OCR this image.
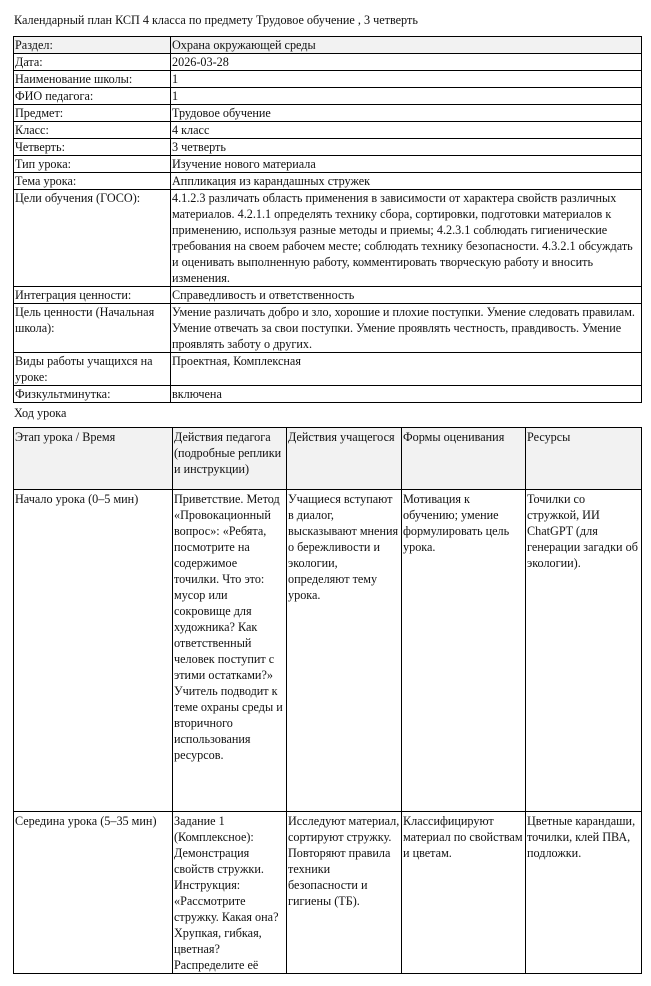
Календарный план КСП 4 класса по предмету Трудовое обучение , 3 четверть
Раздел:	Охрана окружающей среды
Дата:	2026-03-28
Наименование школы:	1
ФИО педагога:	1
Предмет:	Трудовое обучение
Класс:	4 класс
Четверть:	3 четверть
Тип урока:	Изучение нового материала
Тема урока:	Аппликация из карандашных стружек
Цели обучения (ГОСО):	4.1.2.3 различать область применения в зависимости от характера свойств различных материалов. 4.2.1.1 определять технику сбора, сортировки, подготовки материалов к применению, используя разные методы и приемы; 4.2.3.1 соблюдать гигиенические требования на своем рабочем месте; соблюдать технику безопасности. 4.3.2.1 обсуждать и оценивать выполненную работу, комментировать творческую работу и вносить изменения.
Интеграция ценности:	Справедливость и ответственность
Цель ценности (Начальная школа):	Умение различать добро и зло, хорошие и плохие поступки. Умение следовать правилам. Умение отвечать за свои поступки. Умение проявлять честность, правдивость. Умение проявлять заботу о других.
Виды работы учащихся на уроке:	Проектная, Комплексная
Физкультминутка:	включена
Ход урока
Этап урока / Время	Действия педагога (подробные реплики и инструкции)	Действия учащегося	Формы оценивания	Ресурсы
Начало урока (0–5 мин)	Приветствие. Метод «Провокационный вопрос»: «Ребята, посмотрите на содержимое точилки. Что это: мусор или сокровище для художника? Как ответственный человек поступит с этими остатками?» Учитель подводит к теме охраны среды и вторичного использования ресурсов.	Учащиеся вступают в диалог, высказывают мнения о бережливости и экологии, определяют тему урока.	Мотивация к обучению; умение формулировать цель урока.	Точилки со стружкой, ИИ ChatGPT (для генерации загадки об экологии).
Середина урока (5–35 мин)	Задание 1 (Комплексное): Демонстрация свойств стружки. Инструкция: «Рассмотрите стружку. Какая она? Хрупкая, гибкая, цветная? Распределите её	Исследуют материал, сортируют стружку. Повторяют правила техники безопасности и гигиены (ТБ).	Классифицируют материал по свойствам и цветам.	Цветные карандаши, точилки, клей ПВА, подложки.
